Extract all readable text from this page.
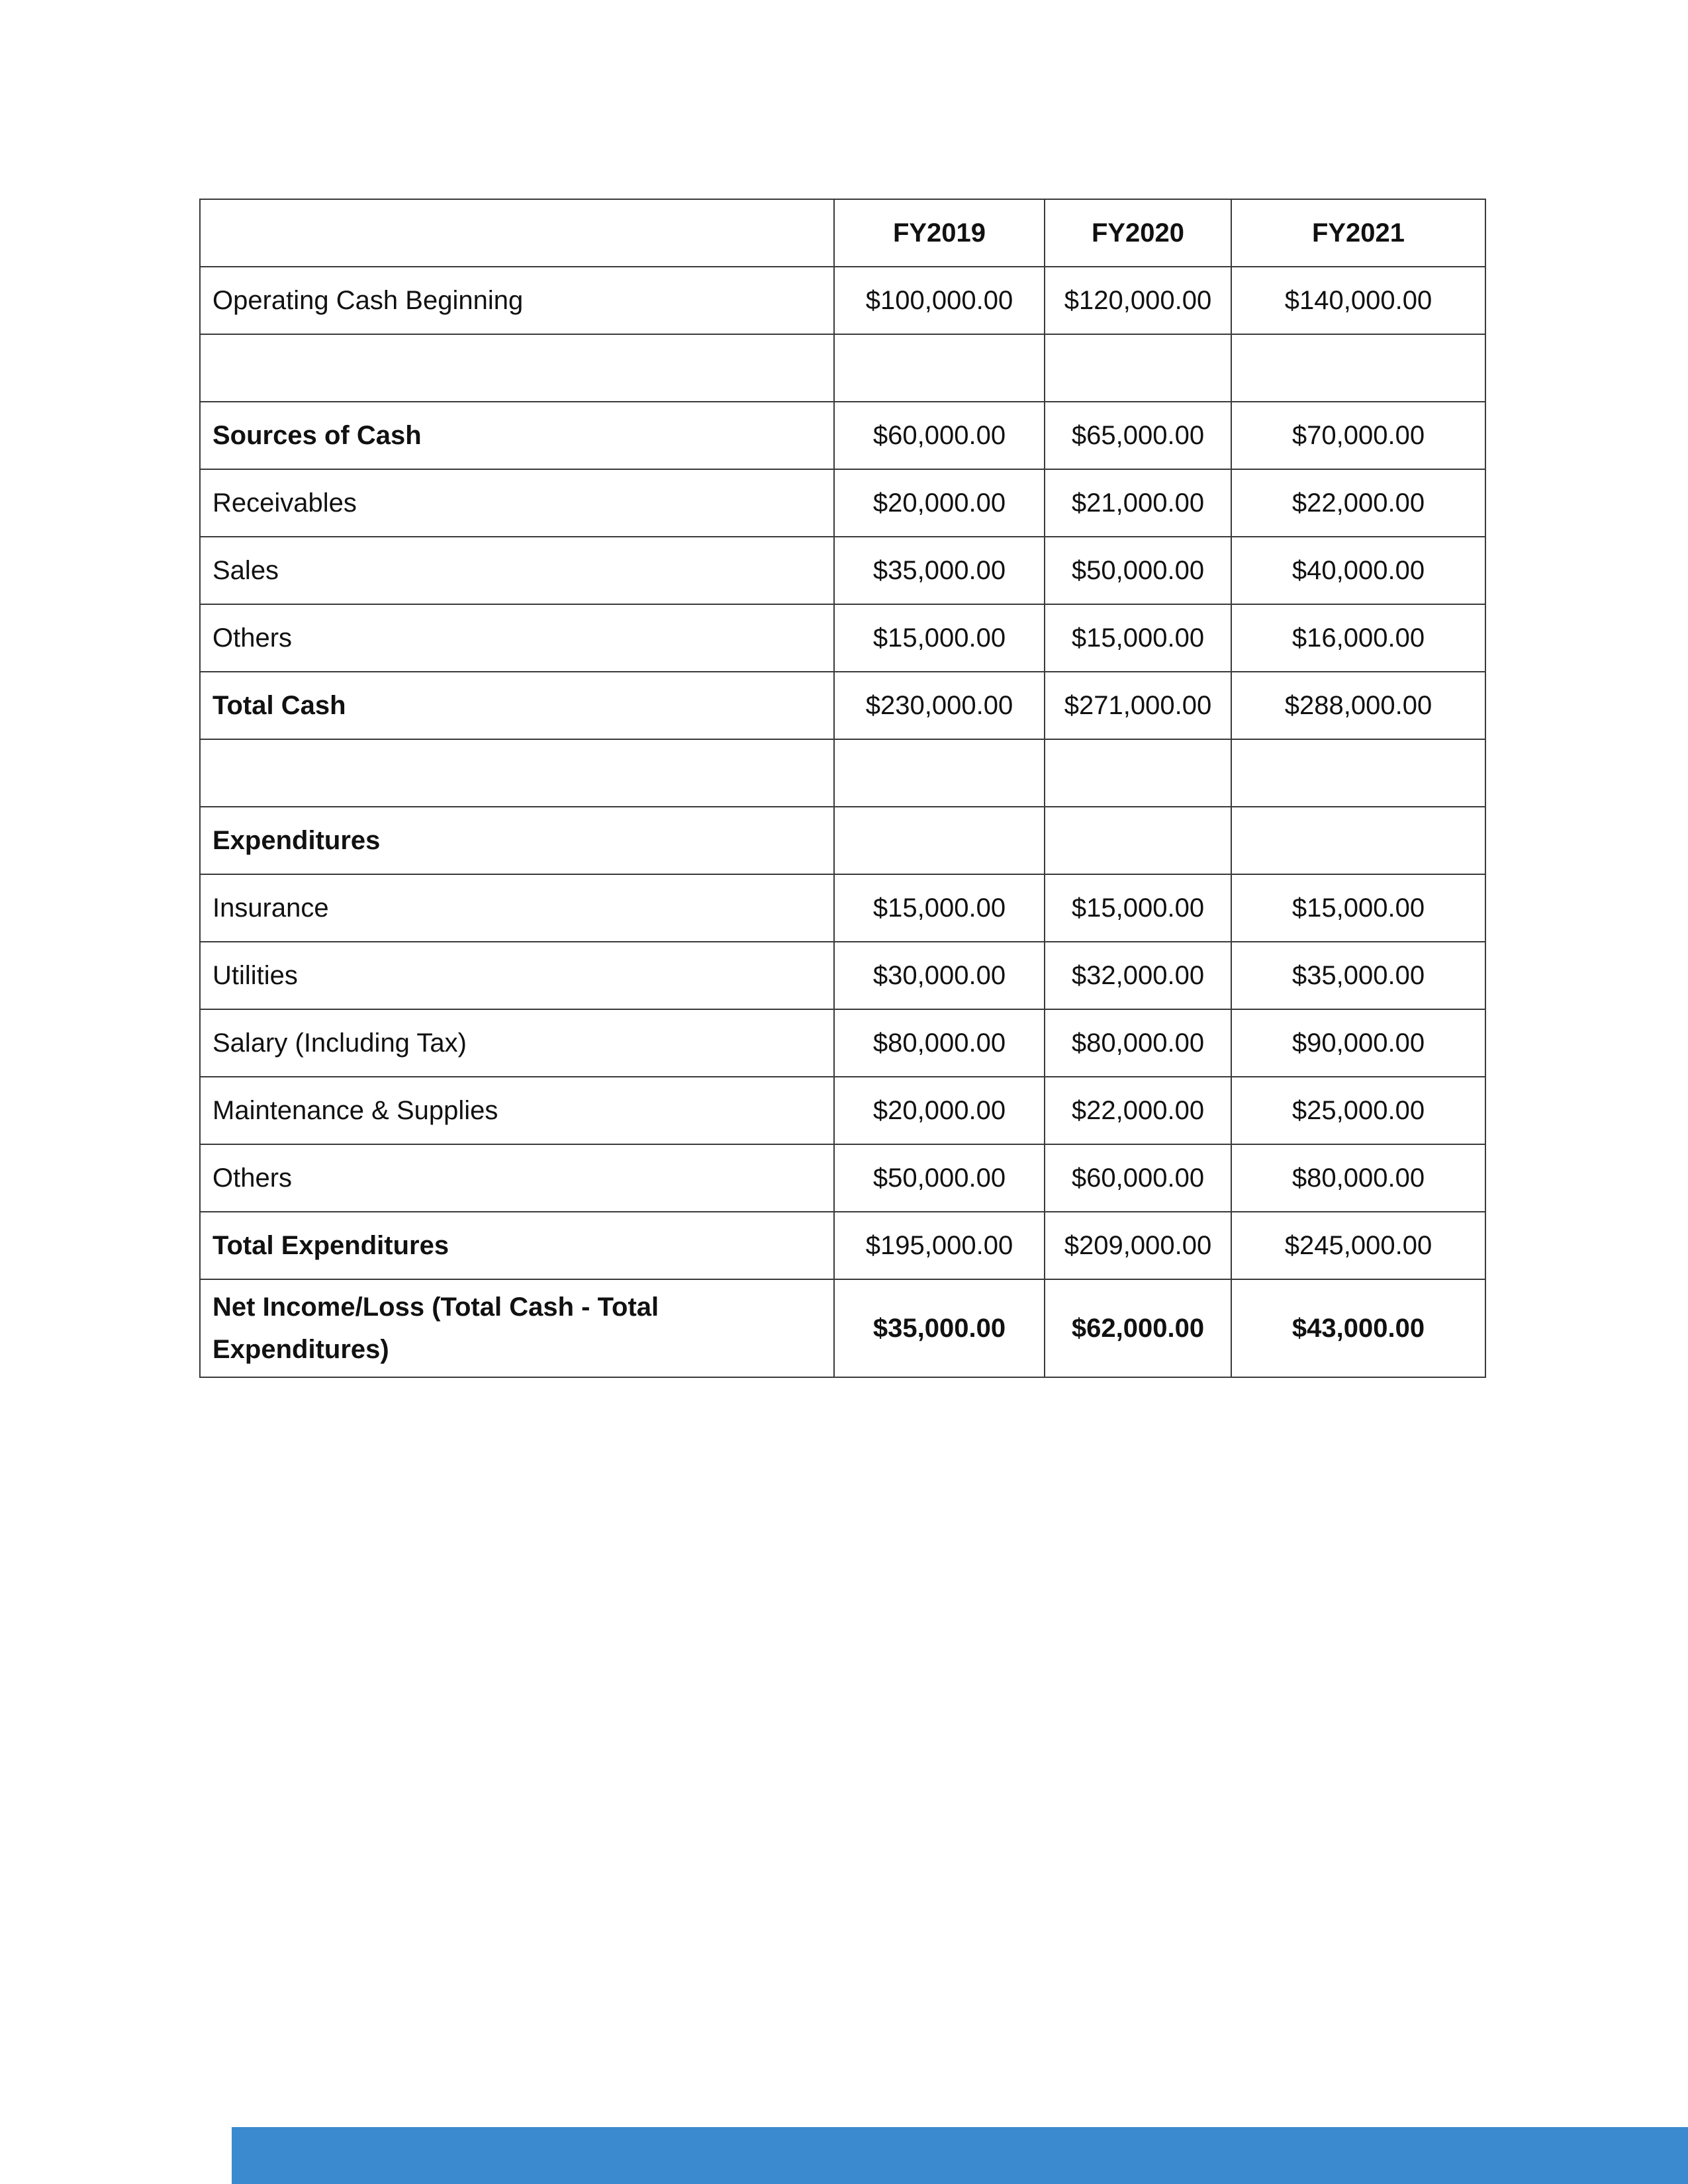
	FY2019	FY2020	FY2021
Operating Cash Beginning	$100,000.00	$120,000.00	$140,000.00

Sources of Cash	$60,000.00	$65,000.00	$70,000.00
Receivables	$20,000.00	$21,000.00	$22,000.00
Sales	$35,000.00	$50,000.00	$40,000.00
Others	$15,000.00	$15,000.00	$16,000.00
Total Cash	$230,000.00	$271,000.00	$288,000.00

Expenditures			
Insurance	$15,000.00	$15,000.00	$15,000.00
Utilities	$30,000.00	$32,000.00	$35,000.00
Salary (Including Tax)	$80,000.00	$80,000.00	$90,000.00
Maintenance & Supplies	$20,000.00	$22,000.00	$25,000.00
Others	$50,000.00	$60,000.00	$80,000.00
Total Expenditures	$195,000.00	$209,000.00	$245,000.00
Net Income/Loss (Total Cash - Total Expenditures)	$35,000.00	$62,000.00	$43,000.00
